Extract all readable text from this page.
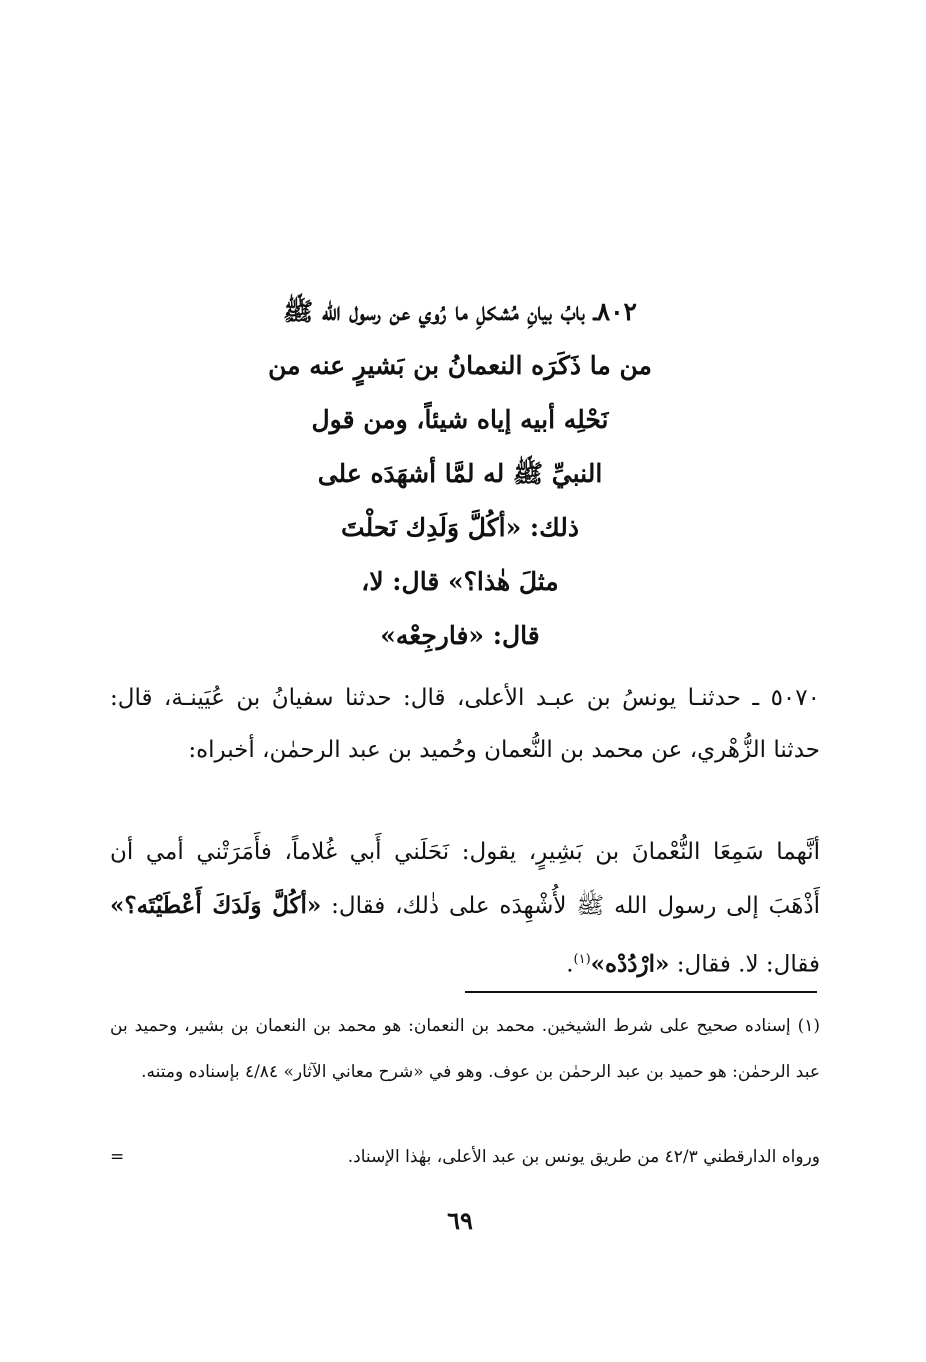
٨٠٢ـ بابُ بيانِ مُشكلِ ما رُوي عن رسول الله ﷺ
من ما ذَكَرَه النعمانُ بن بَشيرٍ عنه من
نَحْلِه أبيه إياه شيئاً، ومن قول
النبيِّ ﷺ له لمَّا أشهَدَه على
ذلك: «أكُلَّ وَلَدِك نَحلْتَ
مثلَ هٰذا؟» قال: لا،
قال: «فارجِعْه»

٥٠٧٠ ـ حدثنـا يونسُ بن عبـد الأعلى، قال: حدثنا سفيانُ بن عُيَينـة، قال: حدثنا الزُّهْري، عن محمد بن النُّعمان وحُميد بن عبد الرحمٰن، أخبراه:

أنَّهما سَمِعَا النُّعْمانَ بن بَشِيرٍ، يقول: نَحَلَني أَبي غُلاماً، فأَمَرَتْني أمي أن أَذْهَبَ إلى رسول الله ﷺ لأُشْهِدَه على ذٰلك، فقال: «أكُلَّ وَلَدَكَ أَعْطَيْتَه؟» فقال: لا. فقال: «ارْدُدْه»$^{(١)}$.

(١) إسناده صحيح على شرط الشيخين. محمد بن النعمان: هو محمد بن النعمان بن بشير، وحميد بن عبد الرحمٰن: هو حميد بن عبد الرحمٰن بن عوف. وهو في «شرح معاني الآثار» ٤/٨٤ بإسناده ومتنه.

ورواه الدارقطني ٤٢/٣ من طريق يونس بن عبد الأعلى، بهٰذا الإسناد.
=
٦٩
